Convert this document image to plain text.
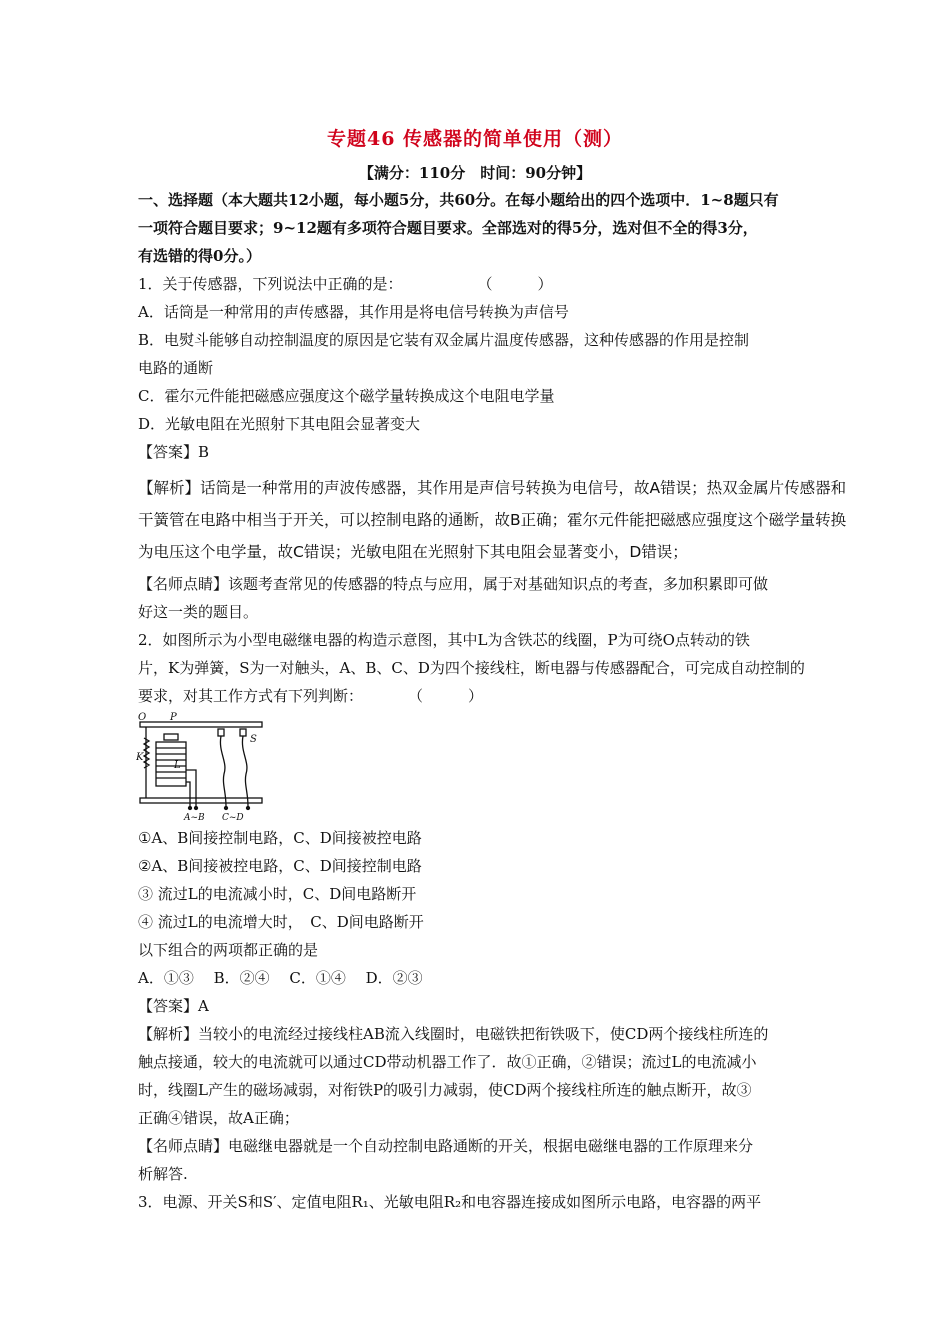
专题46 传感器的简单使用（测）
【满分：110分　时间：90分钟】
一、选择题（本大题共12小题，每小题5分，共60分。在每小题给出的四个选项中．1~8题只有
一项符合题目要求；9~12题有多项符合题目要求。全部选对的得5分，选对但不全的得3分，
有选错的得0分。）
1．关于传感器，下列说法中正确的是：　　　　　　（　　　）
A．话筒是一种常用的声传感器，其作用是将电信号转换为声信号
B．电熨斗能够自动控制温度的原因是它装有双金属片温度传感器，这种传感器的作用是控制
电路的通断
C．霍尔元件能把磁感应强度这个磁学量转换成这个电阻电学量
D．光敏电阻在光照射下其电阻会显著变大
【答案】B
【解析】话筒是一种常用的声波传感器，其作用是声信号转换为电信号，故A错误；热双金属片传感器和
干簧管在电路中相当于开关，可以控制电路的通断，故B正确；霍尔元件能把磁感应强度这个磁学量转换
为电压这个电学量，故C错误；光敏电阻在光照射下其电阻会显著变小，D错误；
【名师点睛】该题考查常见的传感器的特点与应用，属于对基础知识点的考查，多加积累即可做
好这一类的题目。
2．如图所示为小型电磁继电器的构造示意图，其中L为含铁芯的线圈，P为可绕O点转动的铁
片，K为弹簧，S为一对触头，A、B、C、D为四个接线柱，断电器与传感器配合，可完成自动控制的
要求，对其工作方式有下列判断：　　　　（　　　）
O P
S
K
L
A~B C~D
①A、B间接控制电路，C、D间接被控电路
②A、B间接被控电路，C、D间接控制电路
③ 流过L的电流减小时，C、D间电路断开
④ 流过L的电流增大时，　C、D间电路断开
以下组合的两项都正确的是
A．①③　 B．②④　 C．①④　 D．②③
【答案】A
【解析】当较小的电流经过接线柱AB流入线圈时，电磁铁把衔铁吸下，使CD两个接线柱所连的
触点接通，较大的电流就可以通过CD带动机器工作了．故①正确，②错误；流过L的电流减小
时，线圈L产生的磁场减弱，对衔铁P的吸引力减弱，使CD两个接线柱所连的触点断开，故③
正确④错误，故A正确；
【名师点睛】电磁继电器就是一个自动控制电路通断的开关，根据电磁继电器的工作原理来分
析解答.
3．电源、开关S和S′、定值电阻R₁、光敏电阻R₂和电容器连接成如图所示电路，电容器的两平
